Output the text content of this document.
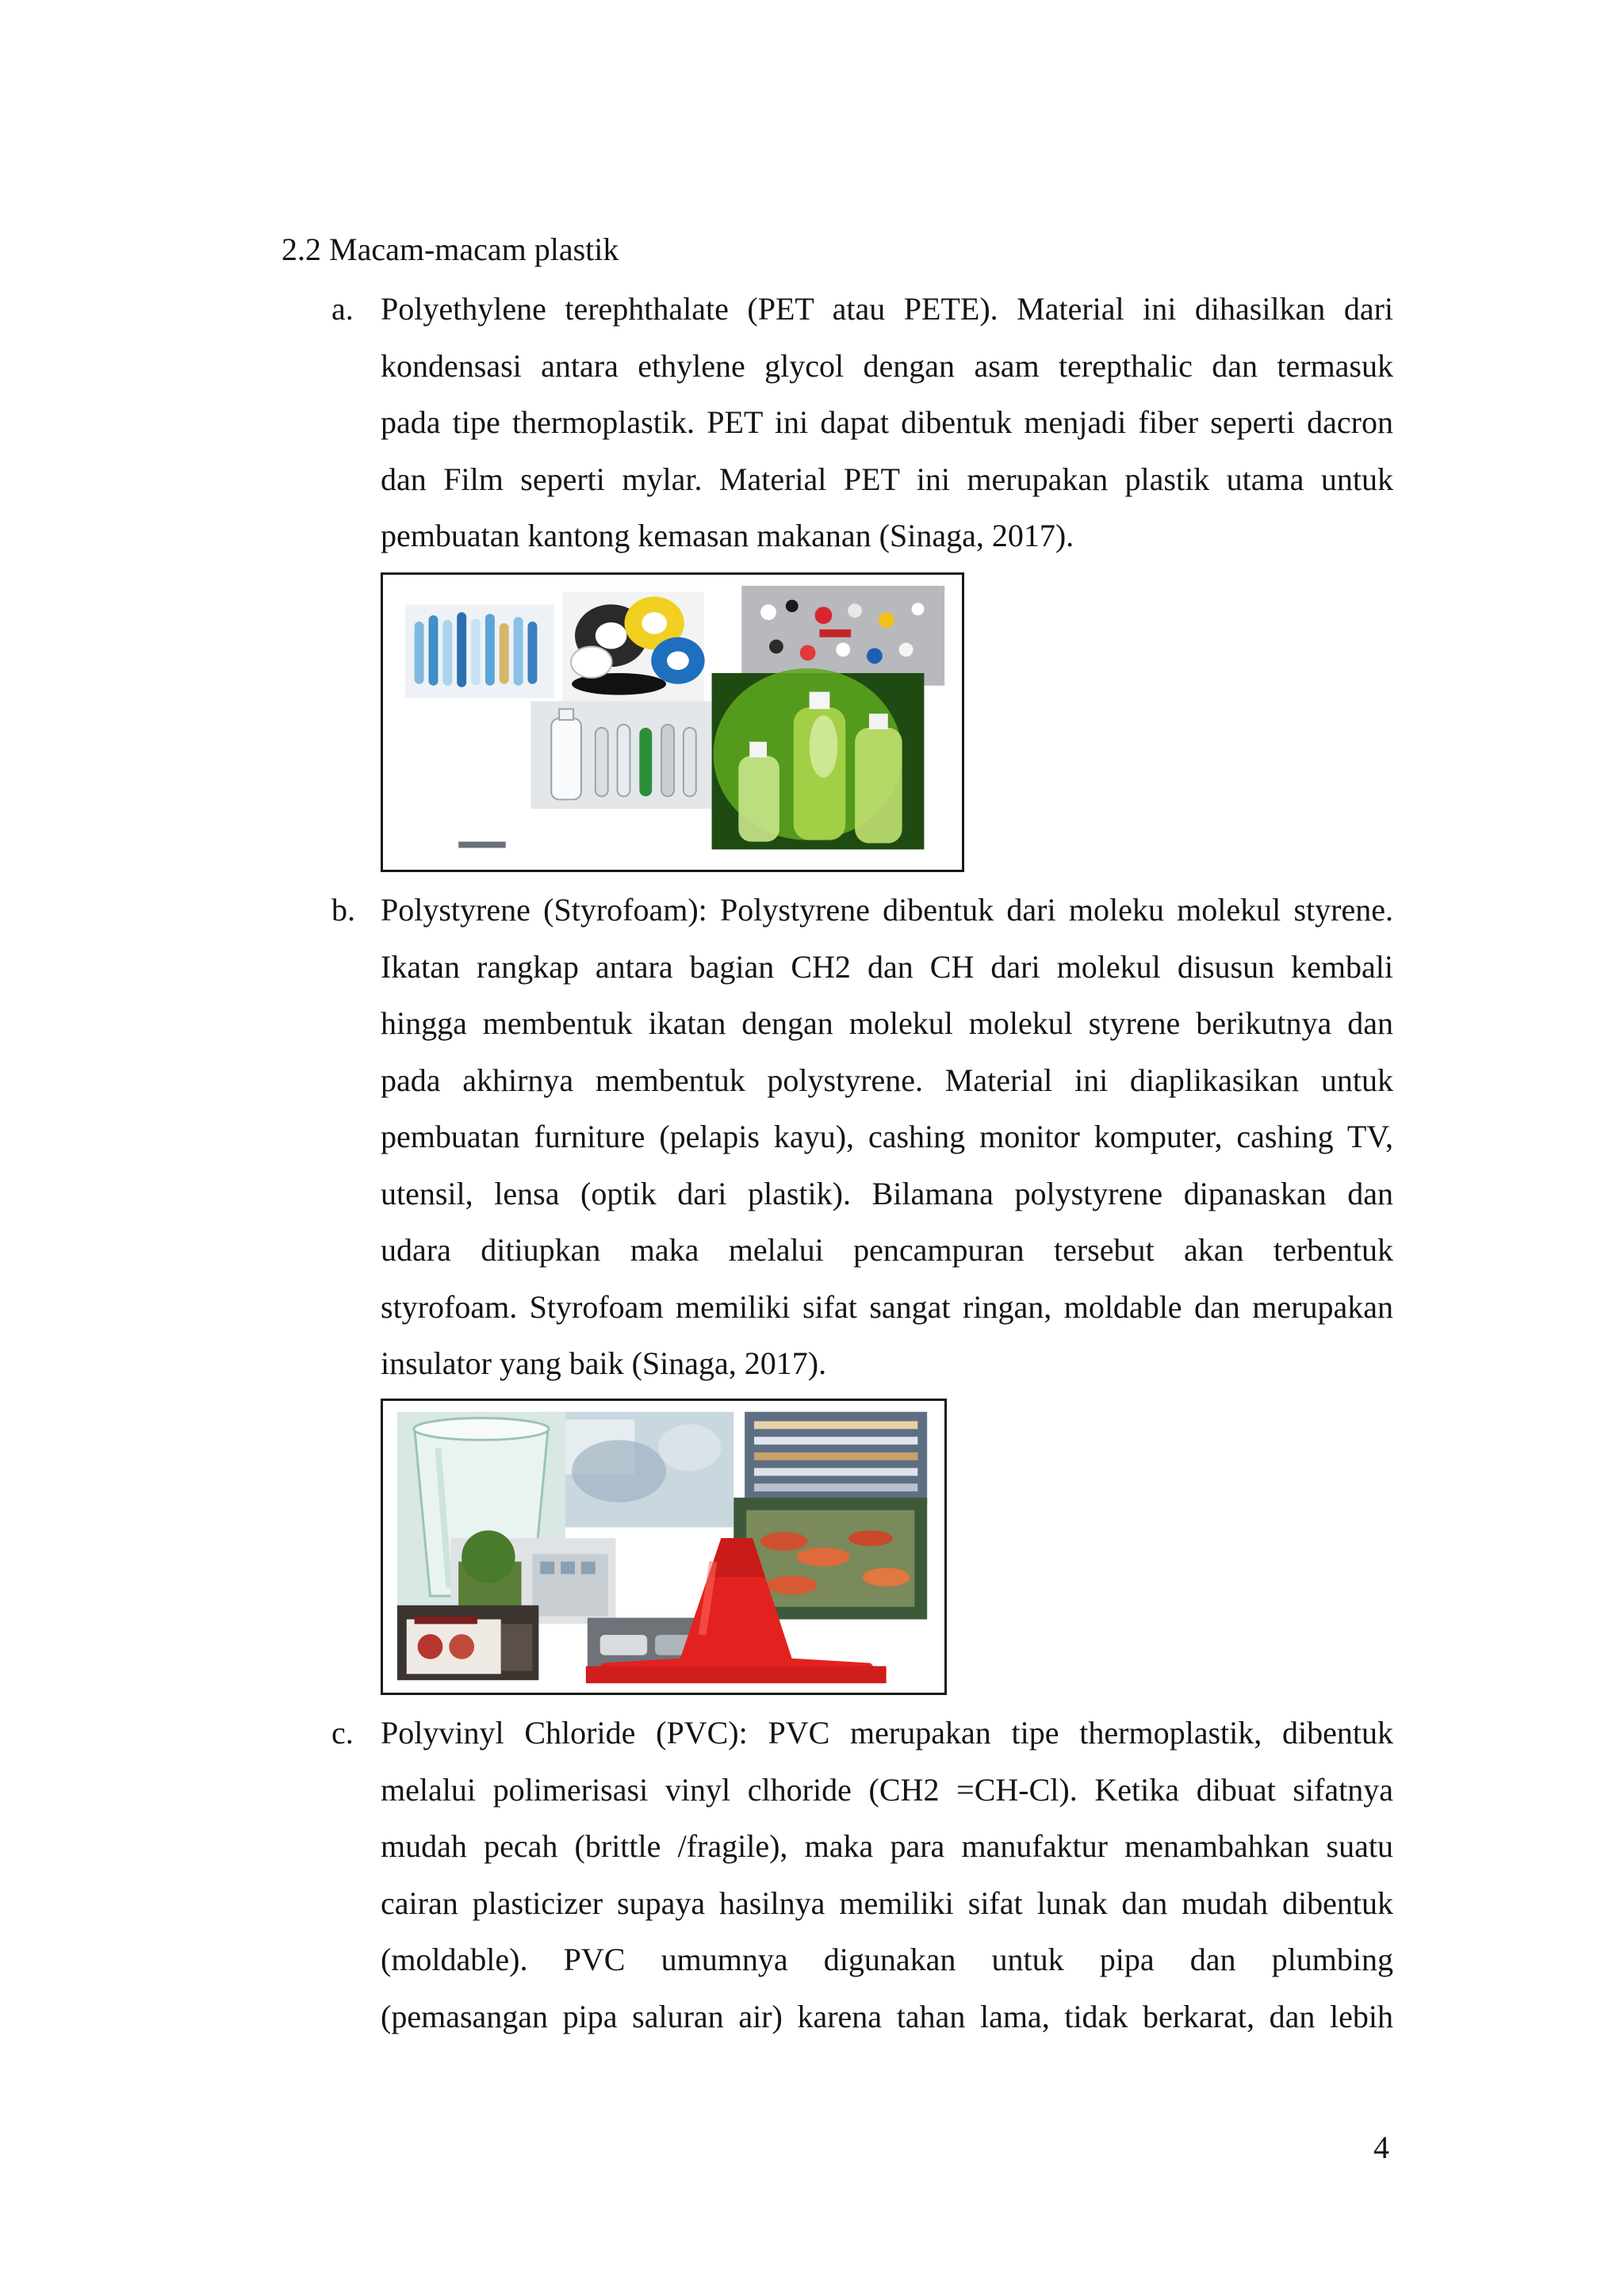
2.2 Macam-macam plastik
a. Polyethylene terephthalate (PET atau PETE). Material ini dihasilkan dari
kondensasi antara ethylene glycol dengan asam terepthalic dan termasuk
pada tipe thermoplastik. PET ini dapat dibentuk menjadi fiber seperti dacron
dan Film seperti mylar. Material PET ini merupakan plastik utama untuk
pembuatan kantong kemasan makanan (Sinaga, 2017).
b. Polystyrene (Styrofoam): Polystyrene dibentuk dari moleku molekul styrene.
Ikatan rangkap antara bagian CH2 dan CH dari molekul disusun kembali
hingga membentuk ikatan dengan molekul molekul styrene berikutnya dan
pada akhirnya membentuk polystyrene. Material ini diaplikasikan untuk
pembuatan furniture (pelapis kayu), cashing monitor komputer, cashing TV,
utensil, lensa (optik dari plastik). Bilamana polystyrene dipanaskan dan
udara ditiupkan maka melalui pencampuran tersebut akan terbentuk
styrofoam. Styrofoam memiliki sifat sangat ringan, moldable dan merupakan
insulator yang baik (Sinaga, 2017).
c. Polyvinyl Chloride (PVC): PVC merupakan tipe thermoplastik, dibentuk
melalui polimerisasi vinyl clhoride (CH2 =CH-Cl). Ketika dibuat sifatnya
mudah pecah (brittle /fragile), maka para manufaktur menambahkan suatu
cairan plasticizer supaya hasilnya memiliki sifat lunak dan mudah dibentuk
(moldable). PVC umumnya digunakan untuk pipa dan plumbing
(pemasangan pipa saluran air) karena tahan lama, tidak berkarat, dan lebih
4
